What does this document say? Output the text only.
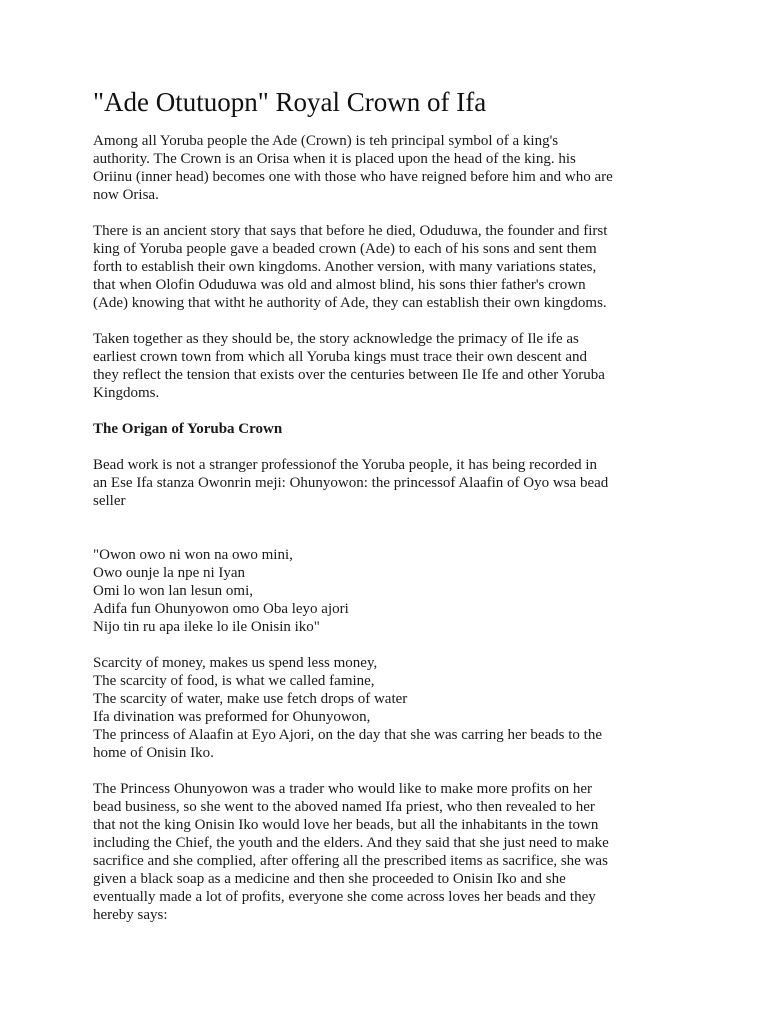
"Ade Otutuopn" Royal Crown of Ifa

Among all Yoruba people the Ade (Crown) is teh principal symbol of a king's
authority. The Crown is an Orisa when it is placed upon the head of the king. his
Oriinu (inner head) becomes one with those who have reigned before him and who are
now Orisa.

There is an ancient story that says that before he died, Oduduwa, the founder and first
king of Yoruba people gave a beaded crown (Ade) to each of his sons and sent them
forth to establish their own kingdoms. Another version, with many variations states,
that when Olofin Oduduwa was old and almost blind, his sons thier father's crown
(Ade) knowing that witht he authority of Ade, they can establish their own kingdoms.

Taken together as they should be, the story acknowledge the primacy of Ile ife as
earliest crown town from which all Yoruba kings must trace their own descent and
they reflect the tension that exists over the centuries between Ile Ife and other Yoruba
Kingdoms.

The Origan of Yoruba Crown

Bead work is not a stranger professionof the Yoruba people, it has being recorded in
an Ese Ifa stanza Owonrin meji: Ohunyowon: the princessof Alaafin of Oyo wsa bead
seller

"Owon owo ni won na owo mini,
Owo ounje la npe ni Iyan
Omi lo won lan lesun omi,
Adifa fun Ohunyowon omo Oba leyo ajori
Nijo tin ru apa ileke lo ile Onisin iko"

Scarcity of money, makes us spend less money,
The scarcity of food, is what we called famine,
The scarcity of water, make use fetch drops of water
Ifa divination was preformed for Ohunyowon,
The princess of Alaafin at Eyo Ajori, on the day that she was carring her beads to the
home of Onisin Iko.

The Princess Ohunyowon was a trader who would like to make more profits on her
bead business, so she went to the aboved named Ifa priest, who then revealed to her
that not the king Onisin Iko would love her beads, but all the inhabitants in the town
including the Chief, the youth and the elders. And they said that she just need to make
sacrifice and she complied, after offering all the prescribed items as sacrifice, she was
given a black soap as a medicine and then she proceeded to Onisin Iko and she
eventually made a lot of profits, everyone she come across loves her beads and they
hereby says:
